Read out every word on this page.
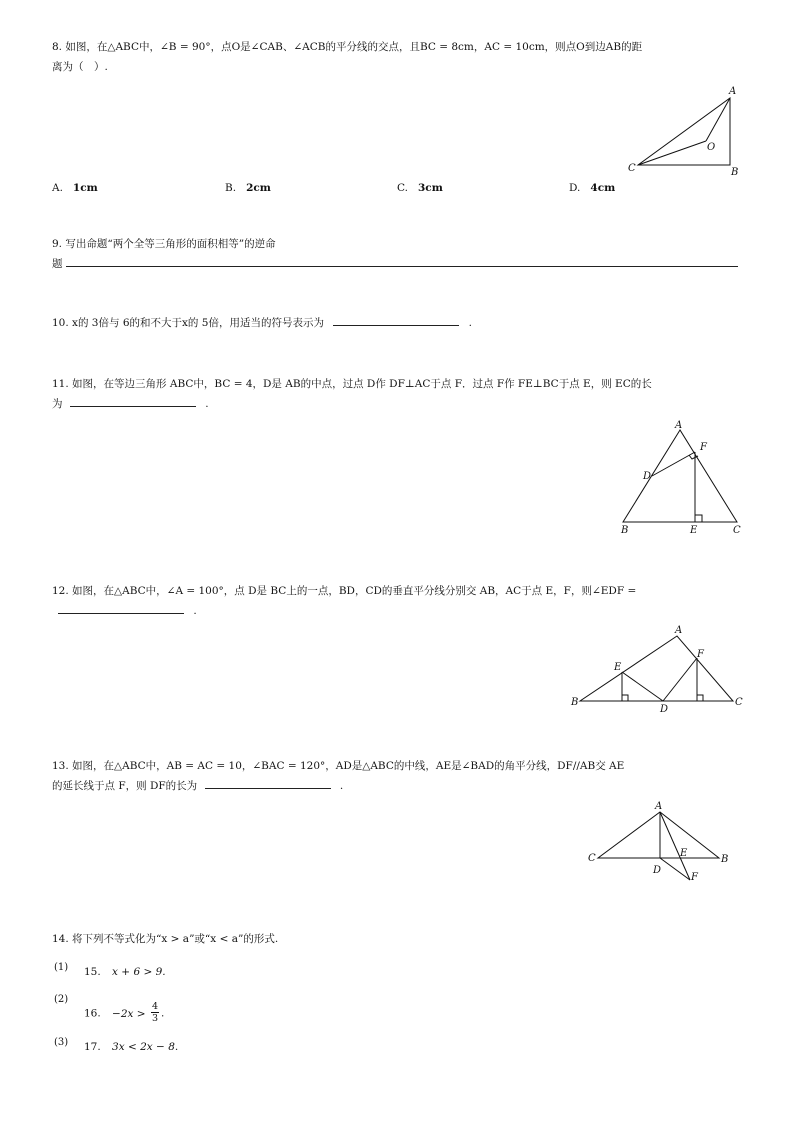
8. 如图，在△ABC中，∠B = 90°，点O是∠CAB、∠ACB的平分线的交点，且BC = 8cm，AC = 10cm，则点O到边AB的距
离为（　）.
A
O
C	B
A. 1cm	B. 2cm	C. 3cm	D. 4cm
9. 写出命题“两个全等三角形的面积相等”的逆命
题
10. x的 3倍与 6的和不大于x的 5倍，用适当的符号表示为	.
11. 如图，在等边三角形 ABC中，BC = 4，D是 AB的中点，过点 D作 DF⊥AC于点 F．过点 F作 FE⊥BC于点 E，则 EC的长
为	.
A
F
D
B	E	C
12. 如图，在△ABC中，∠A = 100°，点 D是 BC上的一点，BD，CD的垂直平分线分别交 AB，AC于点 E，F，则∠EDF =
.
A
F
E
B
D
C
13. 如图，在△ABC中，AB = AC = 10，∠BAC = 120°，AD是△ABC的中线，AE是∠BAD的角平分线，DF//AB交 AE
的延长线于点 F，则 DF的长为	.
A
E
C	B
D
F
14. 将下列不等式化为“x > a”或“x < a”的形式.
(1) 15. x + 6 > 9.
(2)
16. $-2x > \frac{4}{3}$ .
(3) 17. 3x < 2x − 8.
